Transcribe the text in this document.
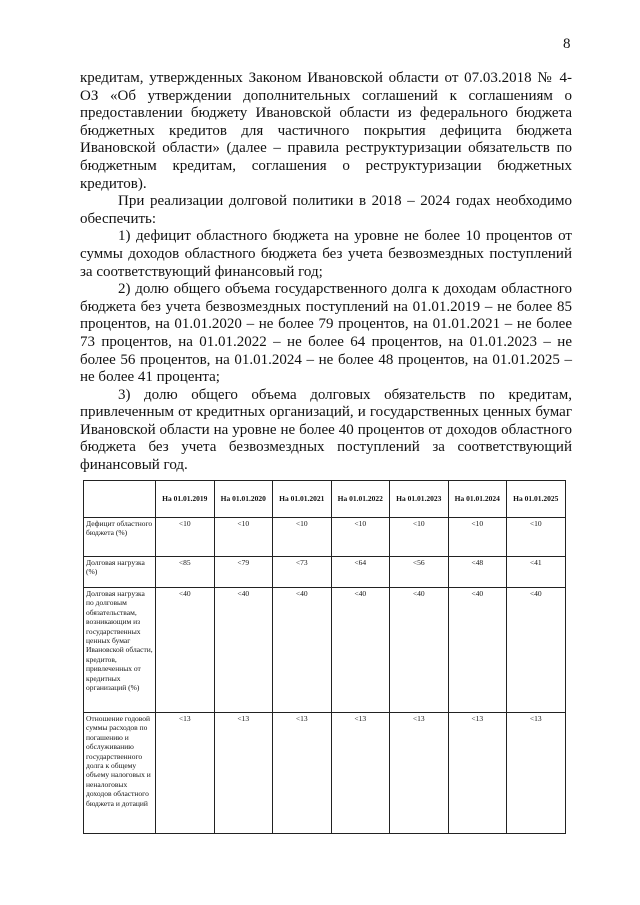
8

кредитам, утвержденных Законом Ивановской области от 07.03.2018 № 4-ОЗ «Об утверждении дополнительных соглашений к соглашениям о предоставлении бюджету Ивановской области из федерального бюджета бюджетных кредитов для частичного покрытия дефицита бюджета Ивановской области» (далее – правила реструктуризации обязательств по бюджетным кредитам, соглашения о реструктуризации бюджетных кредитов).

При реализации долговой политики в 2018 – 2024 годах необходимо обеспечить:

1) дефицит областного бюджета на уровне не более 10 процентов от суммы доходов областного бюджета без учета безвозмездных поступлений за соответствующий финансовый год;

2) долю общего объема государственного долга к доходам областного бюджета без учета безвозмездных поступлений на 01.01.2019 – не более 85 процентов, на 01.01.2020 – не более 79 процентов, на 01.01.2021 – не более 73 процентов, на 01.01.2022 – не более 64 процентов, на 01.01.2023 – не более 56 процентов, на 01.01.2024 – не более 48 процентов, на 01.01.2025 – не более 41 процента;

3) долю общего объема долговых обязательств по кредитам, привлеченным от кредитных организаций, и государственных ценных бумаг Ивановской области на уровне не более 40 процентов от доходов областного бюджета без учета безвозмездных поступлений за соответствующий финансовый год.

	На 01.01.2019	На 01.01.2020	На 01.01.2021	На 01.01.2022	На 01.01.2023	На 01.01.2024	На 01.01.2025
Дефицит областного бюджета (%)	<10	<10	<10	<10	<10	<10	<10
Долговая нагрузка (%)	<85	<79	<73	<64	<56	<48	<41
Долговая нагрузка по долговым обязательствам, возникающим из государственных ценных бумаг Ивановской области, кредитов, привлеченных от кредитных организаций (%)	<40	<40	<40	<40	<40	<40	<40
Отношение годовой суммы расходов по погашению и обслуживанию государственного долга к общему объему налоговых и неналоговых доходов областного бюджета и дотаций	<13	<13	<13	<13	<13	<13	<13
